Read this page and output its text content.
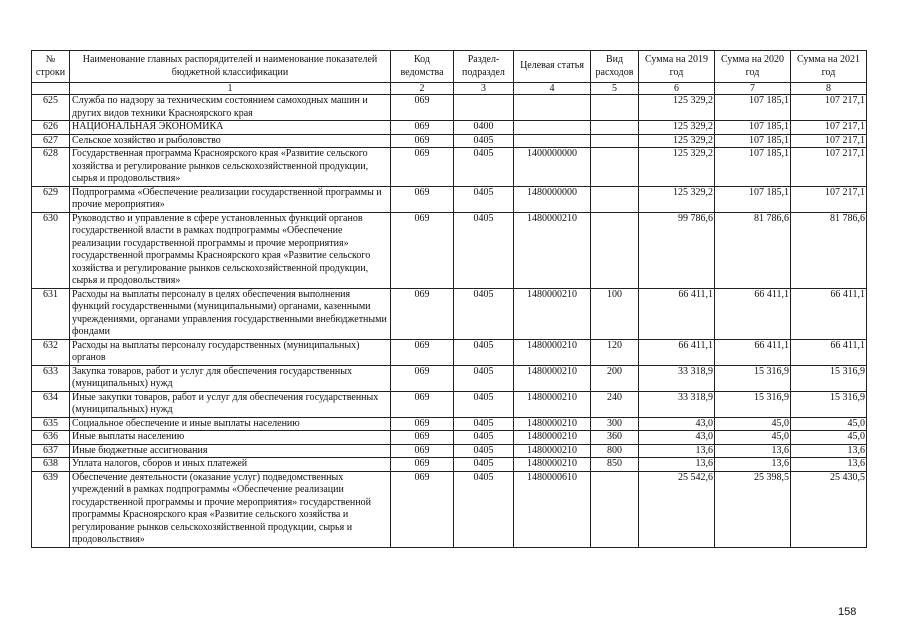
№ строки	Наименование главных распорядителей и наименование показателей бюджетной классификации	Код ведомства	Раздел-подраздел	Целевая статья	Вид расходов	Сумма на 2019 год	Сумма на 2020 год	Сумма на 2021 год
	1	2	3	4	5	6	7	8
625	Служба по надзору за техническим состоянием самоходных машин и других видов техники Красноярского края	069				125 329,2	107 185,1	107 217,1
626	НАЦИОНАЛЬНАЯ ЭКОНОМИКА	069	0400			125 329,2	107 185,1	107 217,1
627	Сельское хозяйство и рыболовство	069	0405			125 329,2	107 185,1	107 217,1
628	Государственная программа Красноярского края «Развитие сельского хозяйства и регулирование рынков сельскохозяйственной продукции, сырья и продовольствия»	069	0405	1400000000		125 329,2	107 185,1	107 217,1
629	Подпрограмма «Обеспечение реализации государственной программы и прочие мероприятия»	069	0405	1480000000		125 329,2	107 185,1	107 217,1
630	Руководство и управление в сфере установленных функций органов государственной власти в рамках подпрограммы «Обеспечение реализации государственной программы и прочие мероприятия» государственной программы Красноярского края «Развитие сельского хозяйства и регулирование рынков сельскохозяйственной продукции, сырья и продовольствия»	069	0405	1480000210		99 786,6	81 786,6	81 786,6
631	Расходы на выплаты персоналу в целях обеспечения выполнения функций государственными (муниципальными) органами, казенными учреждениями, органами управления государственными внебюджетными фондами	069	0405	1480000210	100	66 411,1	66 411,1	66 411,1
632	Расходы на выплаты персоналу государственных (муниципальных) органов	069	0405	1480000210	120	66 411,1	66 411,1	66 411,1
633	Закупка товаров, работ и услуг для обеспечения государственных (муниципальных) нужд	069	0405	1480000210	200	33 318,9	15 316,9	15 316,9
634	Иные закупки товаров, работ и услуг для обеспечения государственных (муниципальных) нужд	069	0405	1480000210	240	33 318,9	15 316,9	15 316,9
635	Социальное обеспечение и иные выплаты населению	069	0405	1480000210	300	43,0	45,0	45,0
636	Иные выплаты населению	069	0405	1480000210	360	43,0	45,0	45,0
637	Иные бюджетные ассигнования	069	0405	1480000210	800	13,6	13,6	13,6
638	Уплата налогов, сборов и иных платежей	069	0405	1480000210	850	13,6	13,6	13,6
639	Обеспечение деятельности (оказание услуг) подведомственных учреждений в рамках подпрограммы «Обеспечение реализации государственной программы и прочие мероприятия» государственной программы Красноярского края «Развитие сельского хозяйства и регулирование рынков сельскохозяйственной продукции, сырья и продовольствия»	069	0405	1480000610		25 542,6	25 398,5	25 430,5
158
